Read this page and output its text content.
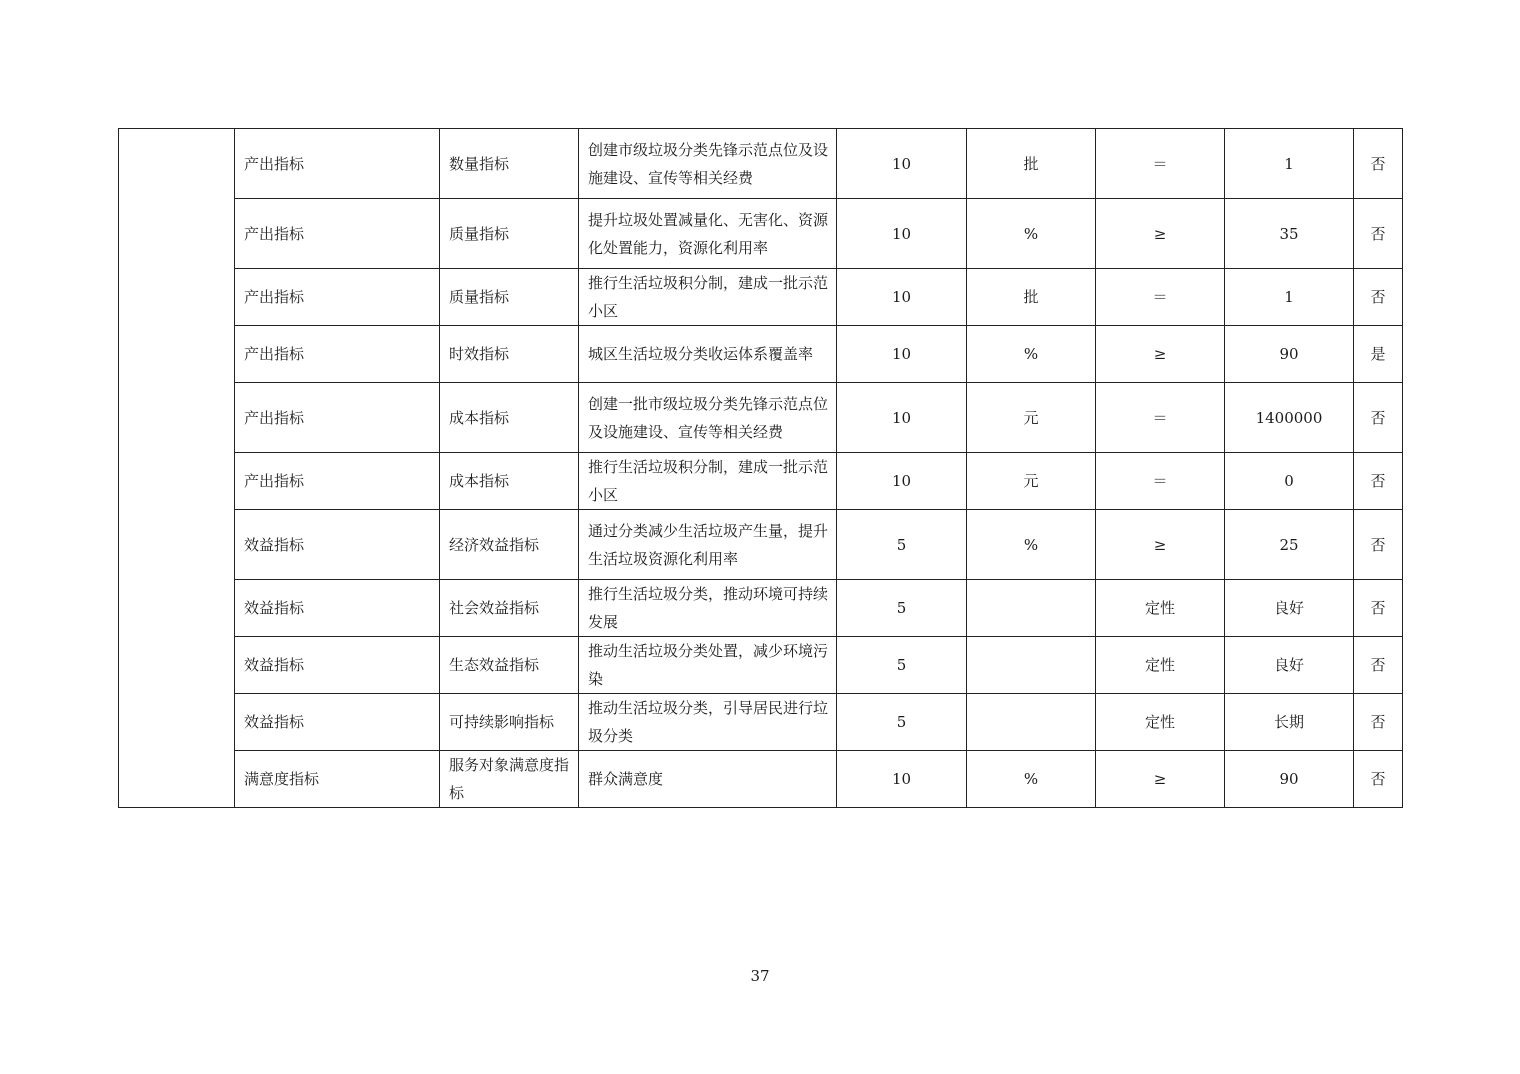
	产出指标	数量指标	创建市级垃圾分类先锋示范点位及设施建设、宣传等相关经费	10	批	＝	1	否
	产出指标	质量指标	提升垃圾处置减量化、无害化、资源化处置能力，资源化利用率	10	%	≥	35	否
	产出指标	质量指标	推行生活垃圾积分制，建成一批示范小区	10	批	＝	1	否
	产出指标	时效指标	城区生活垃圾分类收运体系覆盖率	10	%	≥	90	是
	产出指标	成本指标	创建一批市级垃圾分类先锋示范点位及设施建设、宣传等相关经费	10	元	＝	1400000	否
	产出指标	成本指标	推行生活垃圾积分制，建成一批示范小区	10	元	＝	0	否
	效益指标	经济效益指标	通过分类减少生活垃圾产生量，提升生活垃圾资源化利用率	5	%	≥	25	否
	效益指标	社会效益指标	推行生活垃圾分类，推动环境可持续发展	5		定性	良好	否
	效益指标	生态效益指标	推动生活垃圾分类处置，减少环境污染	5		定性	良好	否
	效益指标	可持续影响指标	推动生活垃圾分类，引导居民进行垃圾分类	5		定性	长期	否
	满意度指标	服务对象满意度指标	群众满意度	10	%	≥	90	否
37
